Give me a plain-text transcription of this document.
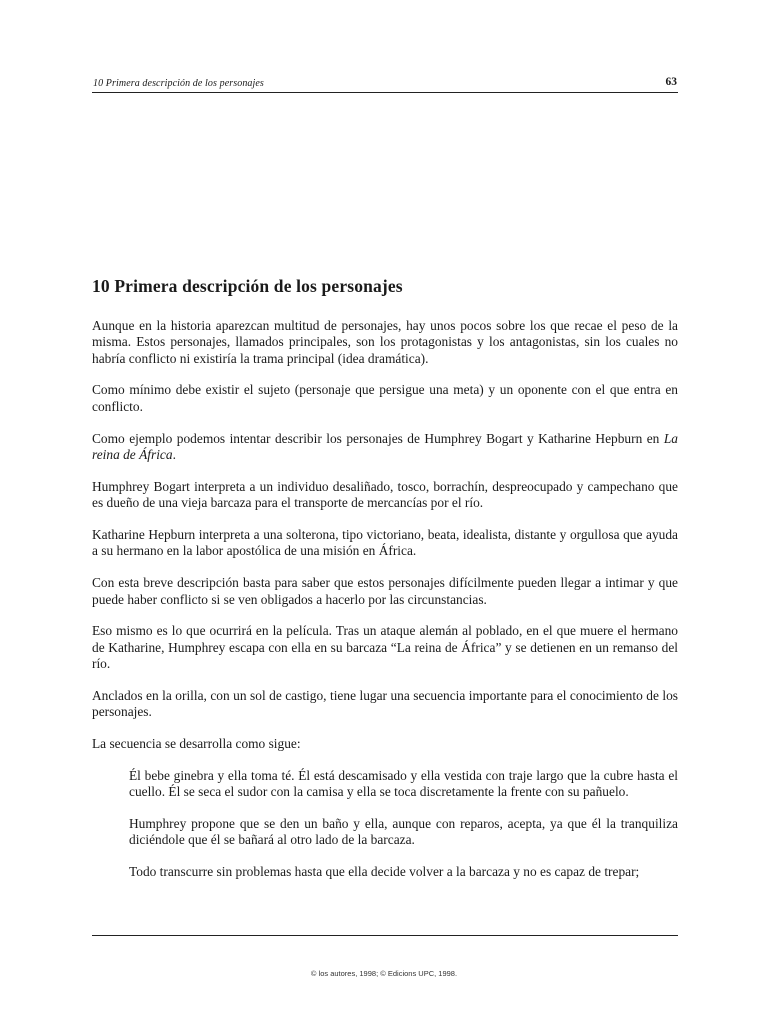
10 Primera descripción de los personajes	63
10 Primera descripción de los personajes

Aunque en la historia aparezcan multitud de personajes, hay unos pocos sobre los que recae el peso de la misma. Estos personajes, llamados principales, son los protagonistas y los antagonistas, sin los cuales no habría conflicto ni existiría la trama principal (idea dramática).

Como mínimo debe existir el sujeto (personaje que persigue una meta) y un oponente con el que entra en conflicto.

Como ejemplo podemos intentar describir los personajes de Humphrey Bogart y Katharine Hepburn en La reina de África.

Humphrey Bogart interpreta a un individuo desaliñado, tosco, borrachín, despreocupado y campechano que es dueño de una vieja barcaza para el transporte de mercancías por el río.

Katharine Hepburn interpreta a una solterona, tipo victoriano, beata, idealista, distante y orgullosa que ayuda a su hermano en la labor apostólica de una misión en África.

Con esta breve descripción basta para saber que estos personajes difícilmente pueden llegar a intimar y que puede haber conflicto si se ven obligados a hacerlo por las circunstancias.

Eso mismo es lo que ocurrirá en la película. Tras un ataque alemán al poblado, en el que muere el hermano de Katharine, Humphrey escapa con ella en su barcaza “La reina de África” y se detienen en un remanso del río.

Anclados en la orilla, con un sol de castigo, tiene lugar una secuencia importante para el conocimiento de los personajes.

La secuencia se desarrolla como sigue:

Él bebe ginebra y ella toma té. Él está descamisado y ella vestida con traje largo que la cubre hasta el cuello. Él se seca el sudor con la camisa y ella se toca discretamente la frente con su pañuelo.

Humphrey propone que se den un baño y ella, aunque con reparos, acepta, ya que él la tranquiliza diciéndole que él se bañará al otro lado de la barcaza.

Todo transcurre sin problemas hasta que ella decide volver a la barcaza y no es capaz de trepar;

© los autores, 1998; © Edicions UPC, 1998.
